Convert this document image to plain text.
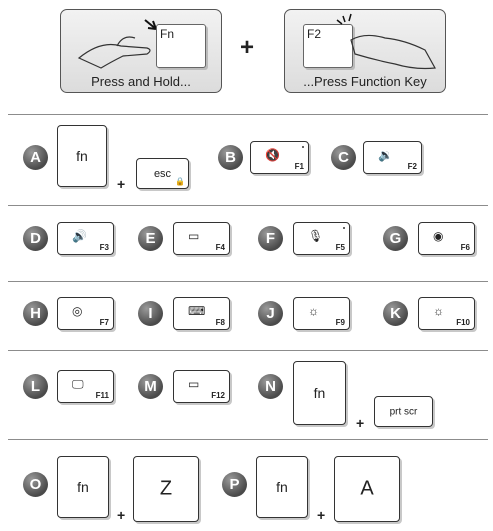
Fn
Press and Hold...
+	F2
...Press Function Key
A	fn
+
esc
🔒
B	🔇
F1
C	🔉
F2
D	🔊
F3
E	▭
F4
F	🎙
F5
G	◉
F6
H	◎
F7
I	⌨
F8
J	☼
F9
K	☼
F10
L	🖵
F11
M	▭
F12
N	fn
+
prt scr
O	fn
+
Z	P	fn
+
A
